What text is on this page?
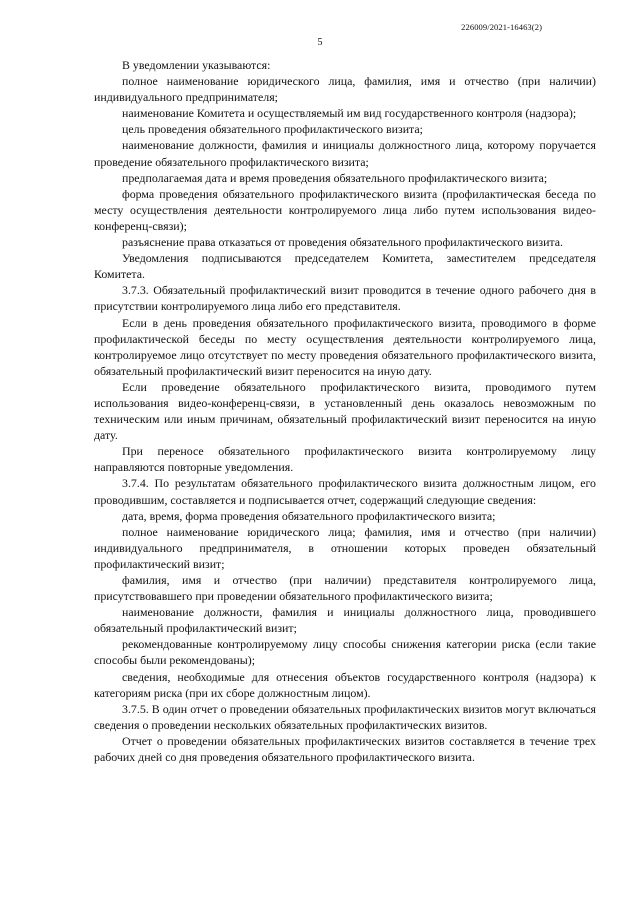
226009/2021-16463(2)
5

В уведомлении указываются:

полное наименование юридического лица, фамилия, имя и отчество (при наличии) индивидуального предпринимателя;

наименование Комитета и осуществляемый им вид государственного контроля (надзора);

цель проведения обязательного профилактического визита;

наименование должности, фамилия и инициалы должностного лица, которому поручается проведение обязательного профилактического визита;

предполагаемая дата и время проведения обязательного профилактического визита;

форма проведения обязательного профилактического визита (профилактическая беседа по месту осуществления деятельности контролируемого лица либо путем использования видео-конференц-связи);

разъяснение права отказаться от проведения обязательного профилактического визита.

Уведомления подписываются председателем Комитета, заместителем председателя Комитета.

3.7.3. Обязательный профилактический визит проводится в течение одного рабочего дня в присутствии контролируемого лица либо его представителя.

Если в день проведения обязательного профилактического визита, проводимого в форме профилактической беседы по месту осуществления деятельности контролируемого лица, контролируемое лицо отсутствует по месту проведения обязательного профилактического визита, обязательный профилактический визит переносится на иную дату.

Если проведение обязательного профилактического визита, проводимого путем использования видео-конференц-связи, в установленный день оказалось невозможным по техническим или иным причинам, обязательный профилактический визит переносится на иную дату.

При переносе обязательного профилактического визита контролируемому лицу направляются повторные уведомления.

3.7.4. По результатам обязательного профилактического визита должностным лицом, его проводившим, составляется и подписывается отчет, содержащий следующие сведения:

дата, время, форма проведения обязательного профилактического визита;

полное наименование юридического лица; фамилия, имя и отчество (при наличии) индивидуального предпринимателя, в отношении которых проведен обязательный профилактический визит;

фамилия, имя и отчество (при наличии) представителя контролируемого лица, присутствовавшего при проведении обязательного профилактического визита;

наименование должности, фамилия и инициалы должностного лица, проводившего обязательный профилактический визит;

рекомендованные контролируемому лицу способы снижения категории риска (если такие способы были рекомендованы);

сведения, необходимые для отнесения объектов государственного контроля (надзора) к категориям риска (при их сборе должностным лицом).

3.7.5. В один отчет о проведении обязательных профилактических визитов могут включаться сведения о проведении нескольких обязательных профилактических визитов.

Отчет о проведении обязательных профилактических визитов составляется в течение трех рабочих дней со дня проведения обязательного профилактического визита.
